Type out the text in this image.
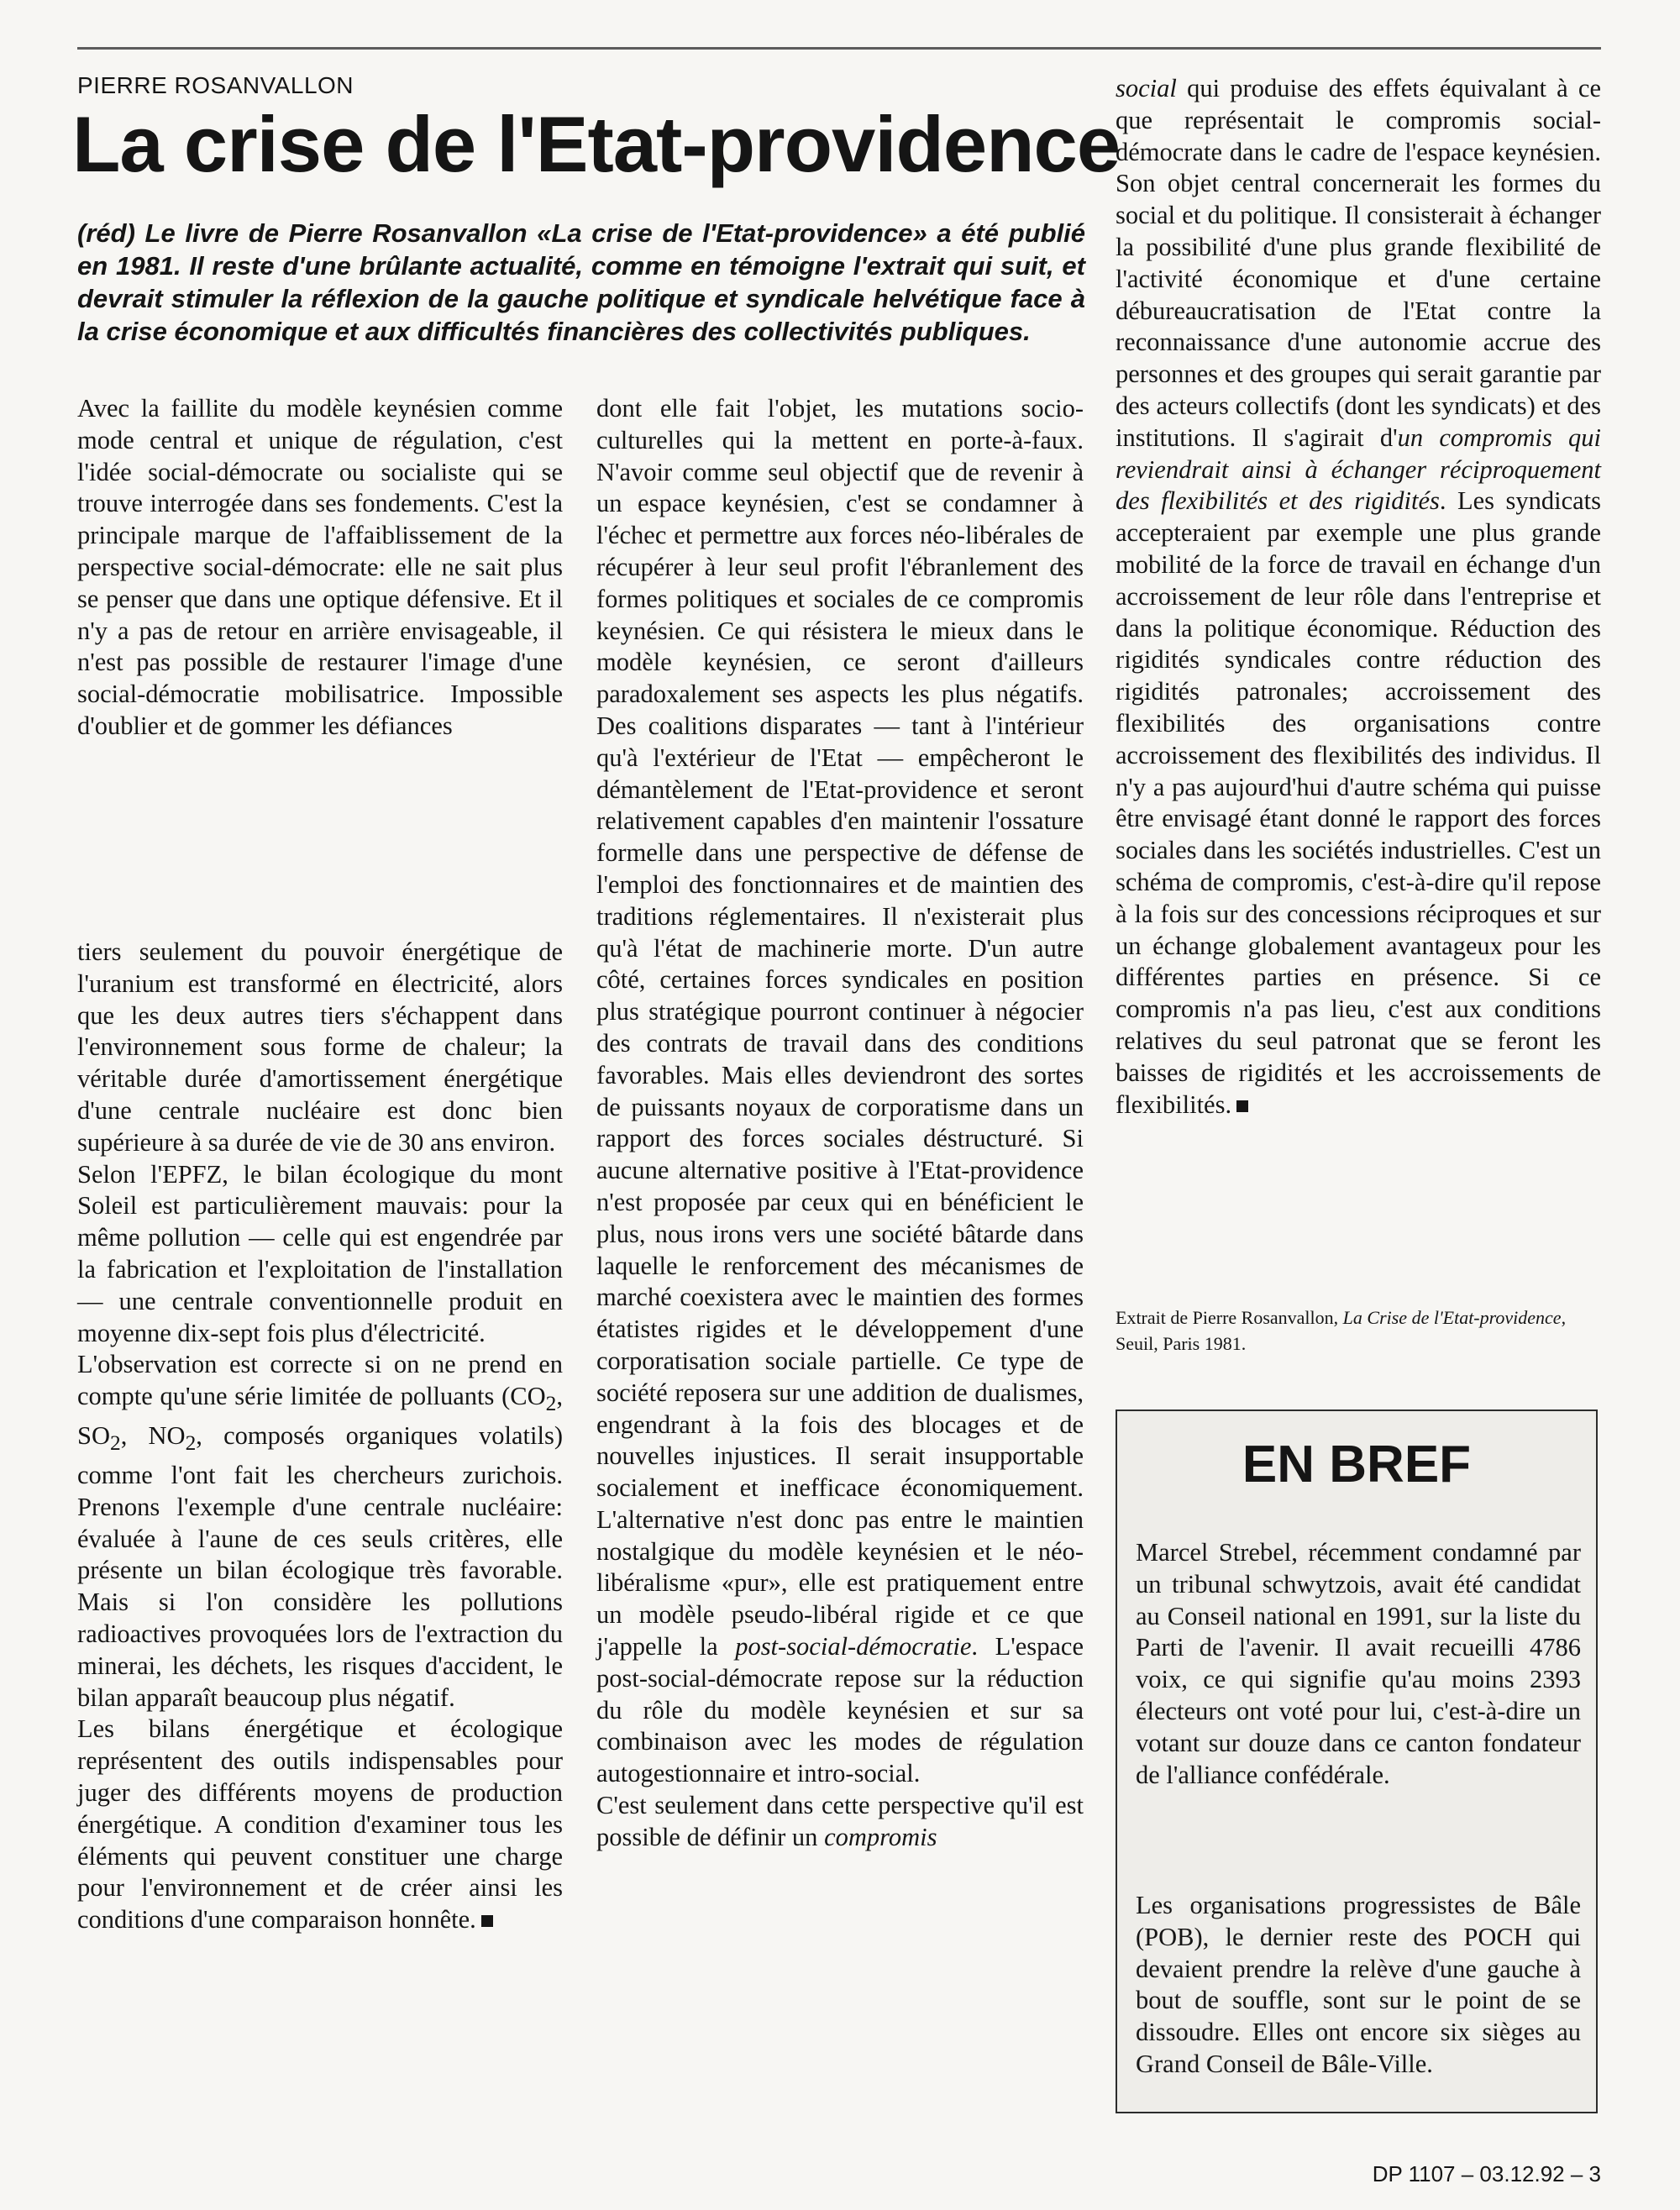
PIERRE ROSANVALLON
La crise de l'Etat-providence

(réd) Le livre de Pierre Rosanvallon «La crise de l'Etat-providence» a été publié en 1981. Il reste d'une brûlante actualité, comme en témoigne l'extrait qui suit, et devrait stimuler la réflexion de la gauche politique et syndicale helvétique face à la crise économique et aux difficultés financières des collectivités publiques.

Avec la faillite du modèle keynésien comme mode central et unique de régulation, c'est l'idée social-démocrate ou socialiste qui se trouve interrogée dans ses fondements. C'est la principale marque de l'affaiblissement de la perspective social-démocrate: elle ne sait plus se penser que dans une optique défensive. Et il n'y a pas de retour en arrière envisageable, il n'est pas possible de restaurer l'image d'une social-démocratie mobilisatrice. Impossible d'oublier et de gommer les défiances

tiers seulement du pouvoir énergétique de l'uranium est transformé en électricité, alors que les deux autres tiers s'échappent dans l'environnement sous forme de chaleur; la véritable durée d'amortissement énergétique d'une centrale nucléaire est donc bien supérieure à sa durée de vie de 30 ans environ.

Selon l'EPFZ, le bilan écologique du mont Soleil est particulièrement mauvais: pour la même pollution — celle qui est engendrée par la fabrication et l'exploitation de l'installation — une centrale conventionnelle produit en moyenne dix-sept fois plus d'électricité.

L'observation est correcte si on ne prend en compte qu'une série limitée de polluants ($CO_2$, $SO_2$, $NO_2$, composés organiques volatils) comme l'ont fait les chercheurs zurichois. Prenons l'exemple d'une centrale nucléaire: évaluée à l'aune de ces seuls critères, elle présente un bilan écologique très favorable. Mais si l'on considère les pollutions radioactives provoquées lors de l'extraction du minerai, les déchets, les risques d'accident, le bilan apparaît beaucoup plus négatif.

Les bilans énergétique et écologique représentent des outils indispensables pour juger des différents moyens de production énergétique. A condition d'examiner tous les éléments qui peuvent constituer une charge pour l'environnement et de créer ainsi les conditions d'une comparaison honnête.

dont elle fait l'objet, les mutations socio-culturelles qui la mettent en porte-à-faux. N'avoir comme seul objectif que de revenir à un espace keynésien, c'est se condamner à l'échec et permettre aux forces néo-libérales de récupérer à leur seul profit l'ébranlement des formes politiques et sociales de ce compromis keynésien. Ce qui résistera le mieux dans le modèle keynésien, ce seront d'ailleurs paradoxalement ses aspects les plus négatifs. Des coalitions disparates — tant à l'intérieur qu'à l'extérieur de l'Etat — empêcheront le démantèlement de l'Etat-providence et seront relativement capables d'en maintenir l'ossature formelle dans une perspective de défense de l'emploi des fonctionnaires et de maintien des traditions réglementaires. Il n'existerait plus qu'à l'état de machinerie morte. D'un autre côté, certaines forces syndicales en position plus stratégique pourront continuer à négocier des contrats de travail dans des conditions favorables. Mais elles deviendront des sortes de puissants noyaux de corporatisme dans un rapport des forces sociales déstructuré. Si aucune alternative positive à l'Etat-providence n'est proposée par ceux qui en bénéficient le plus, nous irons vers une société bâtarde dans laquelle le renforcement des mécanismes de marché coexistera avec le maintien des formes étatistes rigides et le développement d'une corporatisation sociale partielle. Ce type de société reposera sur une addition de dualismes, engendrant à la fois des blocages et de nouvelles injustices. Il serait insupportable socialement et inefficace économiquement. L'alternative n'est donc pas entre le maintien nostalgique du modèle keynésien et le néo-libéralisme «pur», elle est pratiquement entre un modèle pseudo-libéral rigide et ce que j'appelle la post-social-démocratie. L'espace post-social-démocrate repose sur la réduction du rôle du modèle keynésien et sur sa combinaison avec les modes de régulation autogestionnaire et intro-social.

C'est seulement dans cette perspective qu'il est possible de définir un compromis

social qui produise des effets équivalant à ce que représentait le compromis social-démocrate dans le cadre de l'espace keynésien. Son objet central concernerait les formes du social et du politique. Il consisterait à échanger la possibilité d'une plus grande flexibilité de l'activité économique et d'une certaine débureaucratisation de l'Etat contre la reconnaissance d'une autonomie accrue des personnes et des groupes qui serait garantie par des acteurs collectifs (dont les syndicats) et des institutions. Il s'agirait d'un compromis qui reviendrait ainsi à échanger réciproquement des flexibilités et des rigidités. Les syndicats accepteraient par exemple une plus grande mobilité de la force de travail en échange d'un accroissement de leur rôle dans l'entreprise et dans la politique économique. Réduction des rigidités syndicales contre réduction des rigidités patronales; accroissement des flexibilités des organisations contre accroissement des flexibilités des individus. Il n'y a pas aujourd'hui d'autre schéma qui puisse être envisagé étant donné le rapport des forces sociales dans les sociétés industrielles. C'est un schéma de compromis, c'est-à-dire qu'il repose à la fois sur des concessions réciproques et sur un échange globalement avantageux pour les différentes parties en présence. Si ce compromis n'a pas lieu, c'est aux conditions relatives du seul patronat que se feront les baisses de rigidités et les accroissements de flexibilités.

Extrait de Pierre Rosanvallon, La Crise de l'Etat-providence, Seuil, Paris 1981.

EN BREF

Marcel Strebel, récemment condamné par un tribunal schwytzois, avait été candidat au Conseil national en 1991, sur la liste du Parti de l'avenir. Il avait recueilli 4786 voix, ce qui signifie qu'au moins 2393 électeurs ont voté pour lui, c'est-à-dire un votant sur douze dans ce canton fondateur de l'alliance confédérale.

Les organisations progressistes de Bâle (POB), le dernier reste des POCH qui devaient prendre la relève d'une gauche à bout de souffle, sont sur le point de se dissoudre. Elles ont encore six sièges au Grand Conseil de Bâle-Ville.

DP 1107 – 03.12.92 – 3
